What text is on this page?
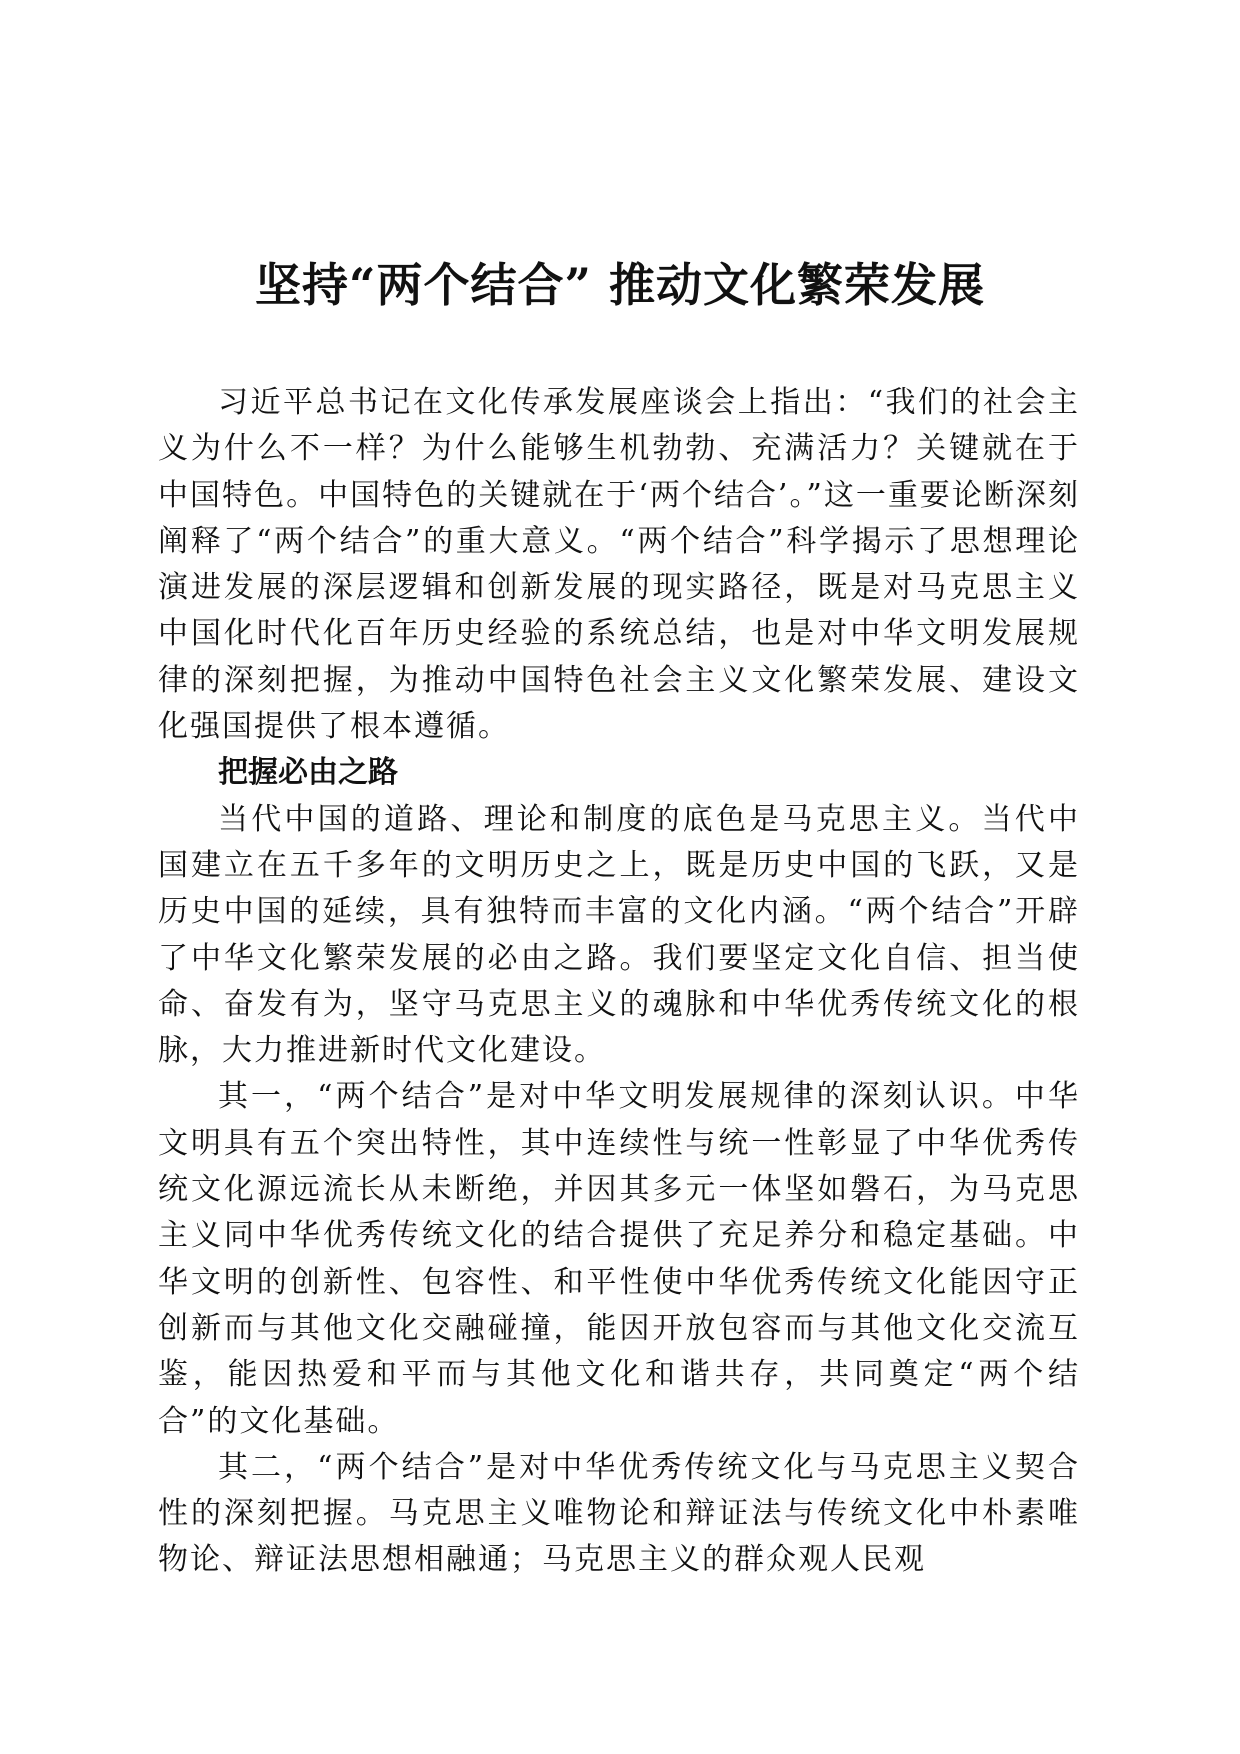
坚持“两个结合” 推动文化繁荣发展

习近平总书记在文化传承发展座谈会上指出：“我们的社会主义为什么不一样？为什么能够生机勃勃、充满活力？关键就在于中国特色。中国特色的关键就在于‘两个结合’。”这一重要论断深刻阐释了“两个结合”的重大意义。“两个结合”科学揭示了思想理论演进发展的深层逻辑和创新发展的现实路径，既是对马克思主义中国化时代化百年历史经验的系统总结，也是对中华文明发展规律的深刻把握，为推动中国特色社会主义文化繁荣发展、建设文化强国提供了根本遵循。

把握必由之路

当代中国的道路、理论和制度的底色是马克思主义。当代中国建立在五千多年的文明历史之上，既是历史中国的飞跃，又是历史中国的延续，具有独特而丰富的文化内涵。“两个结合”开辟了中华文化繁荣发展的必由之路。我们要坚定文化自信、担当使命、奋发有为，坚守马克思主义的魂脉和中华优秀传统文化的根脉，大力推进新时代文化建设。

其一，“两个结合”是对中华文明发展规律的深刻认识。中华文明具有五个突出特性，其中连续性与统一性彰显了中华优秀传统文化源远流长从未断绝，并因其多元一体坚如磐石，为马克思主义同中华优秀传统文化的结合提供了充足养分和稳定基础。中华文明的创新性、包容性、和平性使中华优秀传统文化能因守正创新而与其他文化交融碰撞，能因开放包容而与其他文化交流互鉴，能因热爱和平而与其他文化和谐共存，共同奠定“两个结合”的文化基础。

其二，“两个结合”是对中华优秀传统文化与马克思主义契合性的深刻把握。马克思主义唯物论和辩证法与传统文化中朴素唯物论、辩证法思想相融通；马克思主义的群众观人民观
